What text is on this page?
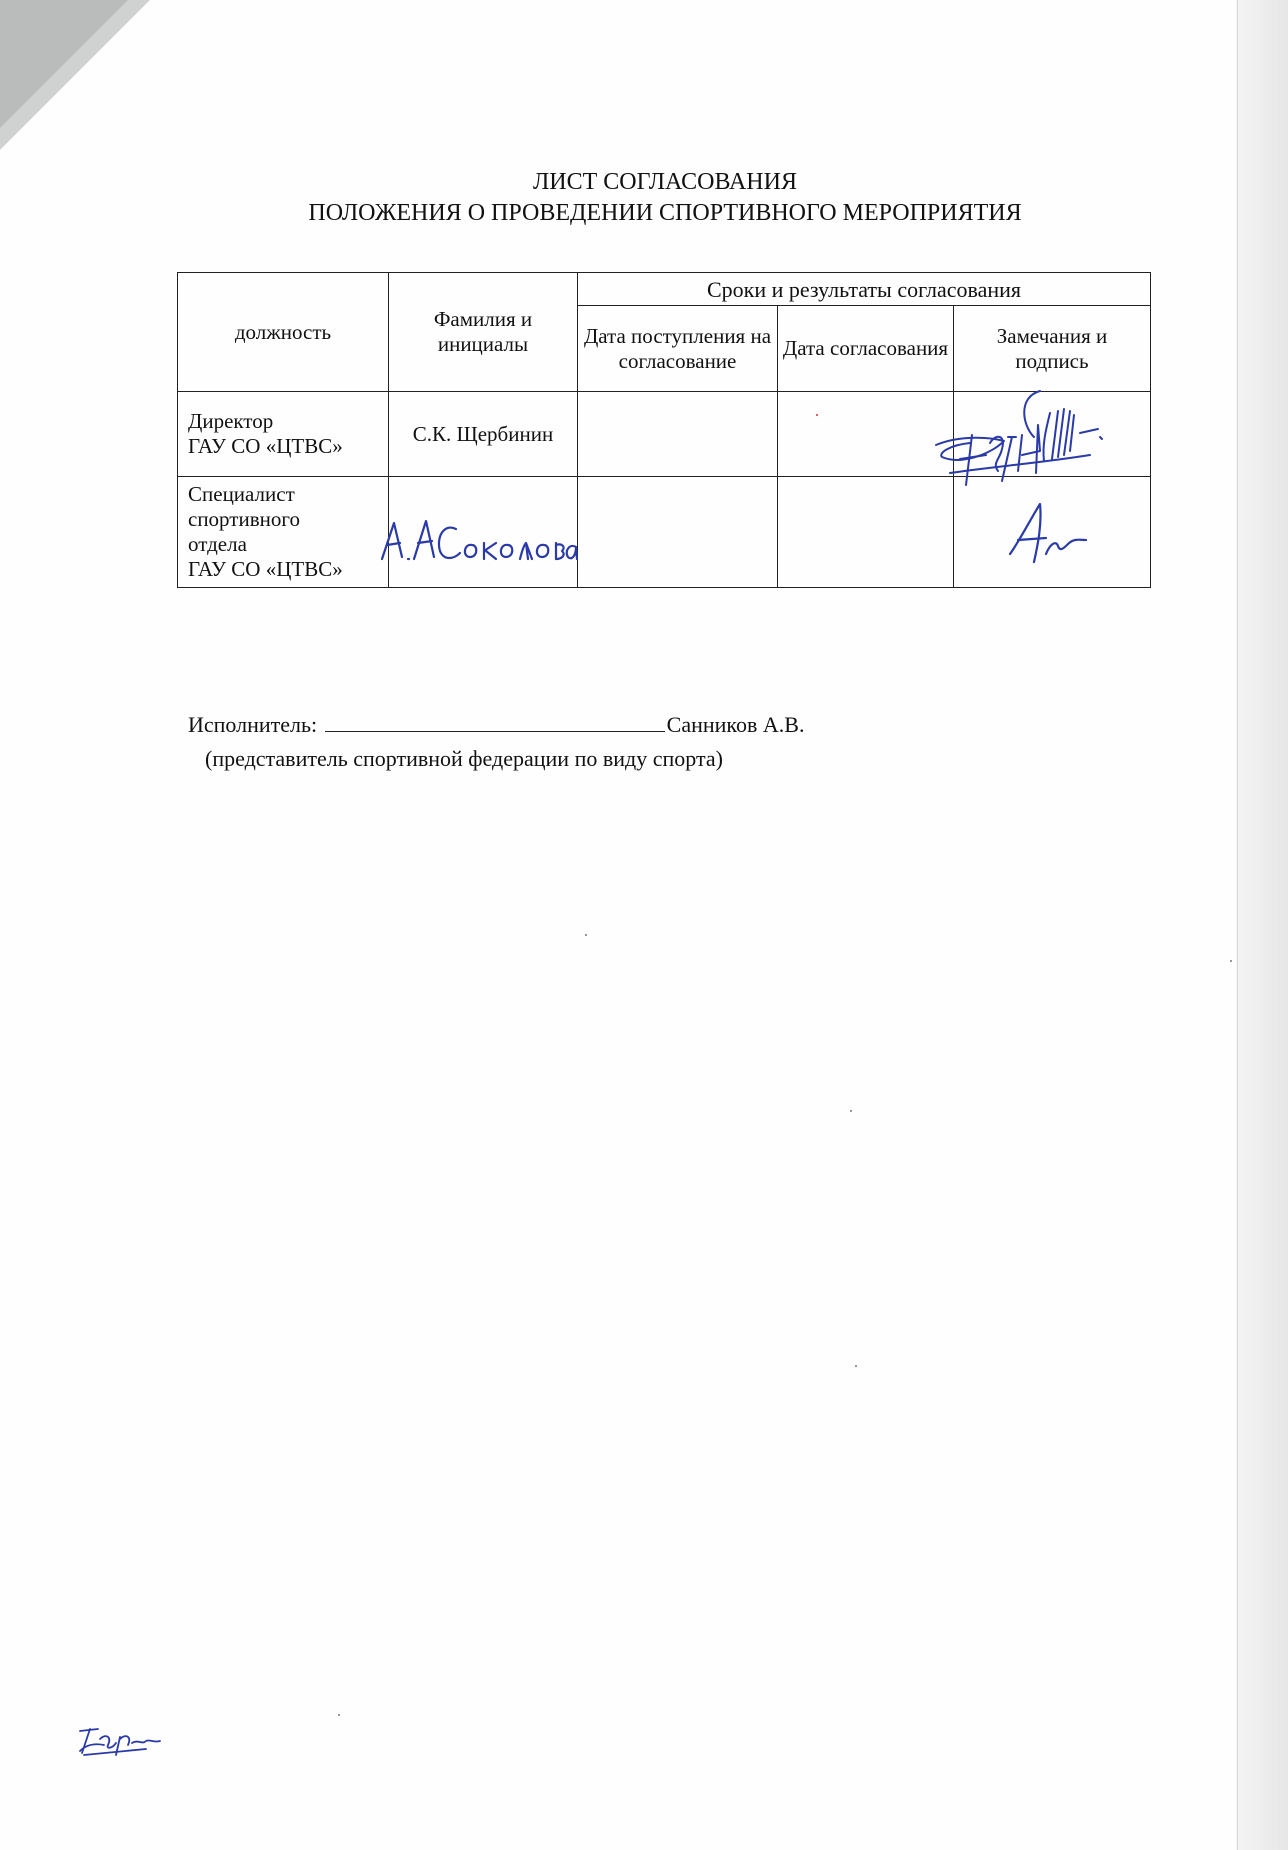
ЛИСТ СОГЛАСОВАНИЯ
ПОЛОЖЕНИЯ О ПРОВЕДЕНИИ СПОРТИВНОГО МЕРОПРИЯТИЯ
должность	Фамилия и инициалы	Сроки и результаты согласования		
		Дата поступления на согласование	Дата согласования	Замечания и подпись

Директор
ГАУ СО «ЦТВС»	С.К. Щербинин			

Специалист
спортивного
отдела
ГАУ СО «ЦТВС»				

Исполнитель:	Санников А.В.
(представитель спортивной федерации по виду спорта)
